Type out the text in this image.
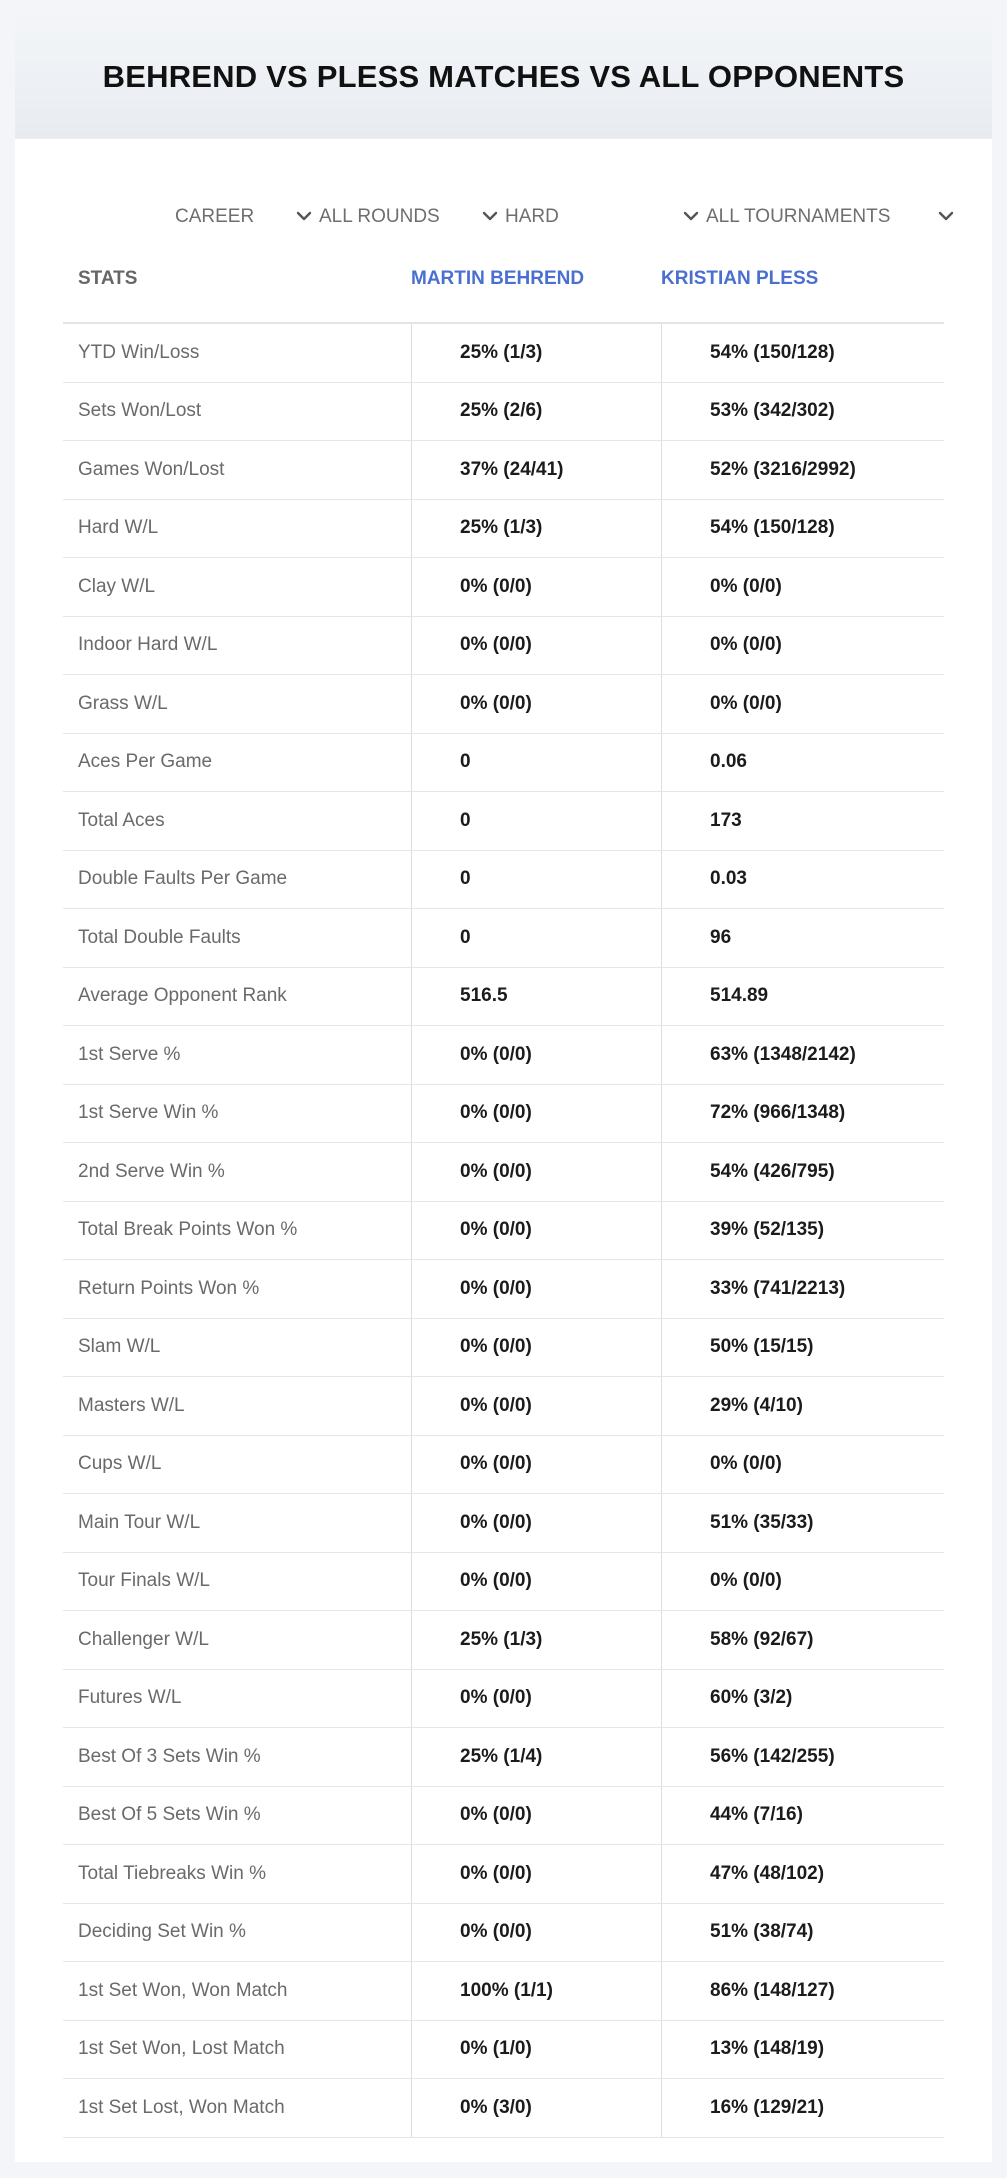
BEHREND VS PLESS MATCHES VS ALL OPPONENTS
CAREER	ALL ROUNDS	HARD	ALL TOURNAMENTS
STATS	MARTIN BEHREND	KRISTIAN PLESS
YTD Win/Loss	25% (1/3)	54% (150/128)
Sets Won/Lost	25% (2/6)	53% (342/302)
Games Won/Lost	37% (24/41)	52% (3216/2992)
Hard W/L	25% (1/3)	54% (150/128)
Clay W/L	0% (0/0)	0% (0/0)
Indoor Hard W/L	0% (0/0)	0% (0/0)
Grass W/L	0% (0/0)	0% (0/0)
Aces Per Game	0	0.06
Total Aces	0	173
Double Faults Per Game	0	0.03
Total Double Faults	0	96
Average Opponent Rank	516.5	514.89
1st Serve %	0% (0/0)	63% (1348/2142)
1st Serve Win %	0% (0/0)	72% (966/1348)
2nd Serve Win %	0% (0/0)	54% (426/795)
Total Break Points Won %	0% (0/0)	39% (52/135)
Return Points Won %	0% (0/0)	33% (741/2213)
Slam W/L	0% (0/0)	50% (15/15)
Masters W/L	0% (0/0)	29% (4/10)
Cups W/L	0% (0/0)	0% (0/0)
Main Tour W/L	0% (0/0)	51% (35/33)
Tour Finals W/L	0% (0/0)	0% (0/0)
Challenger W/L	25% (1/3)	58% (92/67)
Futures W/L	0% (0/0)	60% (3/2)
Best Of 3 Sets Win %	25% (1/4)	56% (142/255)
Best Of 5 Sets Win %	0% (0/0)	44% (7/16)
Total Tiebreaks Win %	0% (0/0)	47% (48/102)
Deciding Set Win %	0% (0/0)	51% (38/74)
1st Set Won, Won Match	100% (1/1)	86% (148/127)
1st Set Won, Lost Match	0% (1/0)	13% (148/19)
1st Set Lost, Won Match	0% (3/0)	16% (129/21)
